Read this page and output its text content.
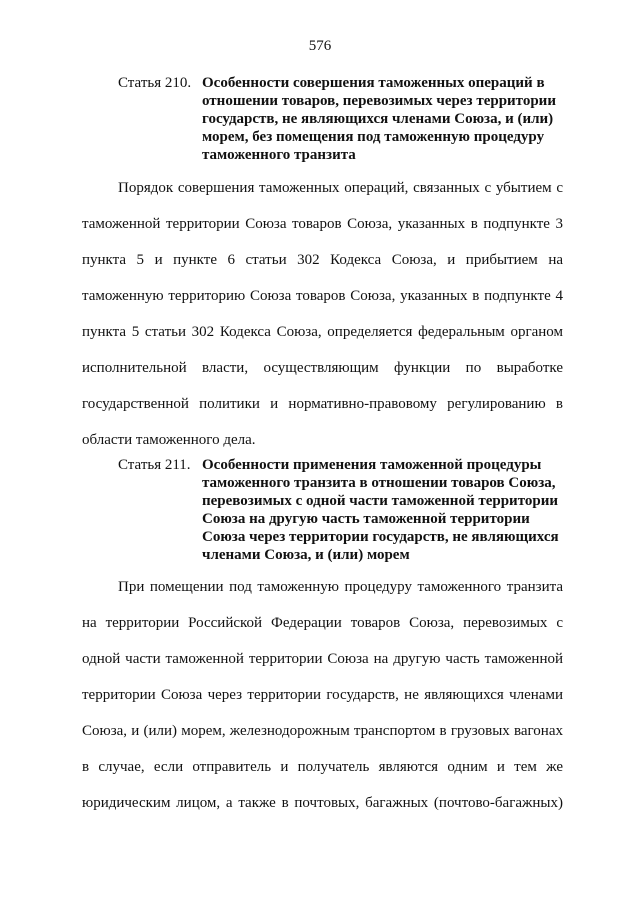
576
Статья 210. Особенности совершения таможенных операций в
отношении товаров, перевозимых через территории
государств, не являющихся членами Союза, и (или)
морем, без помещения под таможенную процедуру
таможенного транзита
Порядок совершения таможенных операций, связанных с убытием с
таможенной территории Союза товаров Союза, указанных в подпункте 3
пункта 5 и пункте 6 статьи 302 Кодекса Союза, и прибытием на
таможенную территорию Союза товаров Союза, указанных в подпункте 4
пункта 5 статьи 302 Кодекса Союза, определяется федеральным органом
исполнительной власти, осуществляющим функции по выработке
государственной политики и нормативно-правовому регулированию в
области таможенного дела.
Статья 211. Особенности применения таможенной процедуры
таможенного транзита в отношении товаров Союза,
перевозимых с одной части таможенной территории
Союза на другую часть таможенной территории
Союза через территории государств, не являющихся
членами Союза, и (или) морем
При помещении под таможенную процедуру таможенного транзита
на территории Российской Федерации товаров Союза, перевозимых с
одной части таможенной территории Союза на другую часть таможенной
территории Союза через территории государств, не являющихся членами
Союза, и (или) морем, железнодорожным транспортом в грузовых вагонах
в случае, если отправитель и получатель являются одним и тем же
юридическим лицом, а также в почтовых, багажных (почтово-багажных)
